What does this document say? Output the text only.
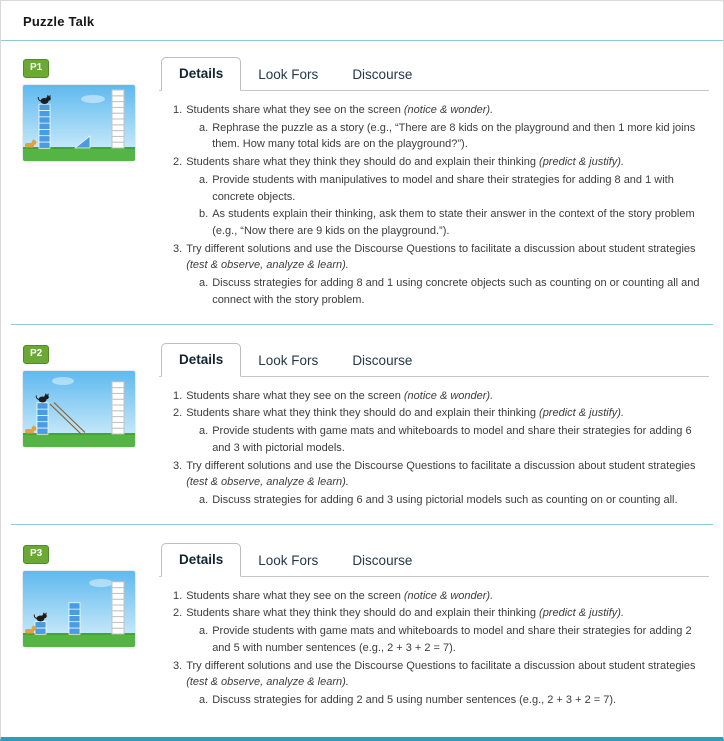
Puzzle Talk
P1	Details	Look Fors	Discourse
1. Students share what they see on the screen (notice & wonder).
a. Rephrase the puzzle as a story (e.g., “There are 8 kids on the playground and then 1 more kid joins them. How many total kids are on the playground?”).
2. Students share what they think they should do and explain their thinking (predict & justify).
a. Provide students with manipulatives to model and share their strategies for adding 8 and 1 with concrete objects.
b. As students explain their thinking, ask them to state their answer in the context of the story problem (e.g., “Now there are 9 kids on the playground.”).
3. Try different solutions and use the Discourse Questions to facilitate a discussion about student strategies (test & observe, analyze & learn).
a. Discuss strategies for adding 8 and 1 using concrete objects such as counting on or counting all and connect with the story problem.
P2	Details	Look Fors	Discourse
1. Students share what they see on the screen (notice & wonder).
2. Students share what they think they should do and explain their thinking (predict & justify).
a. Provide students with game mats and whiteboards to model and share their strategies for adding 6 and 3 with pictorial models.
3. Try different solutions and use the Discourse Questions to facilitate a discussion about student strategies (test & observe, analyze & learn).
a. Discuss strategies for adding 6 and 3 using pictorial models such as counting on or counting all.
P3	Details	Look Fors	Discourse
1. Students share what they see on the screen (notice & wonder).
2. Students share what they think they should do and explain their thinking (predict & justify).
a. Provide students with game mats and whiteboards to model and share their strategies for adding 2 and 5 with number sentences (e.g., 2 + 3 + 2 = 7).
3. Try different solutions and use the Discourse Questions to facilitate a discussion about student strategies (test & observe, analyze & learn).
a. Discuss strategies for adding 2 and 5 using number sentences (e.g., 2 + 3 + 2 = 7).
